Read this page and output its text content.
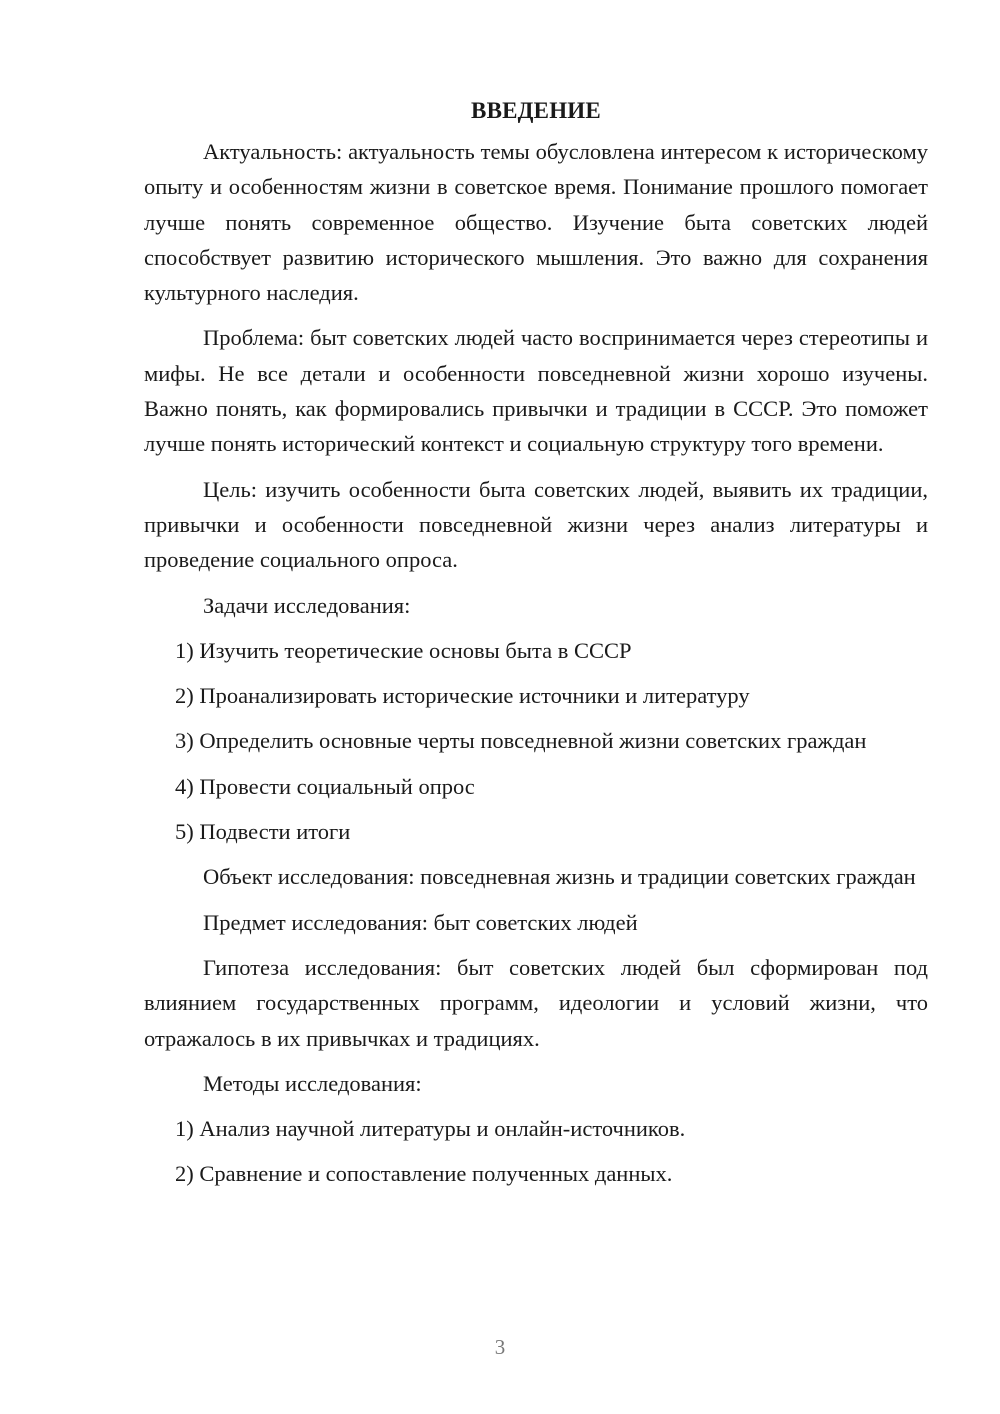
ВВЕДЕНИЕ

Актуальность: актуальность темы обусловлена интересом к историческому опыту и особенностям жизни в советское время. Понимание прошлого помогает лучше понять современное общество. Изучение быта советских людей способствует развитию исторического мышления. Это важно для сохранения культурного наследия.

Проблема: быт советских людей часто воспринимается через стереотипы и мифы. Не все детали и особенности повседневной жизни хорошо изучены. Важно понять, как формировались привычки и традиции в СССР. Это поможет лучше понять исторический контекст и социальную структуру того времени.

Цель: изучить особенности быта советских людей, выявить их традиции, привычки и особенности повседневной жизни через анализ литературы и проведение социального опроса.

Задачи исследования:

1) Изучить теоретические основы быта в СССР

2) Проанализировать исторические источники и литературу

3) Определить основные черты повседневной жизни советских граждан

4) Провести социальный опрос

5) Подвести итоги

Объект исследования: повседневная жизнь и традиции советских граждан

Предмет исследования: быт советских людей

Гипотеза исследования: быт советских людей был сформирован под влиянием государственных программ, идеологии и условий жизни, что отражалось в их привычках и традициях.

Методы исследования:

1) Анализ научной литературы и онлайн-источников.

2) Сравнение и сопоставление полученных данных.

3
